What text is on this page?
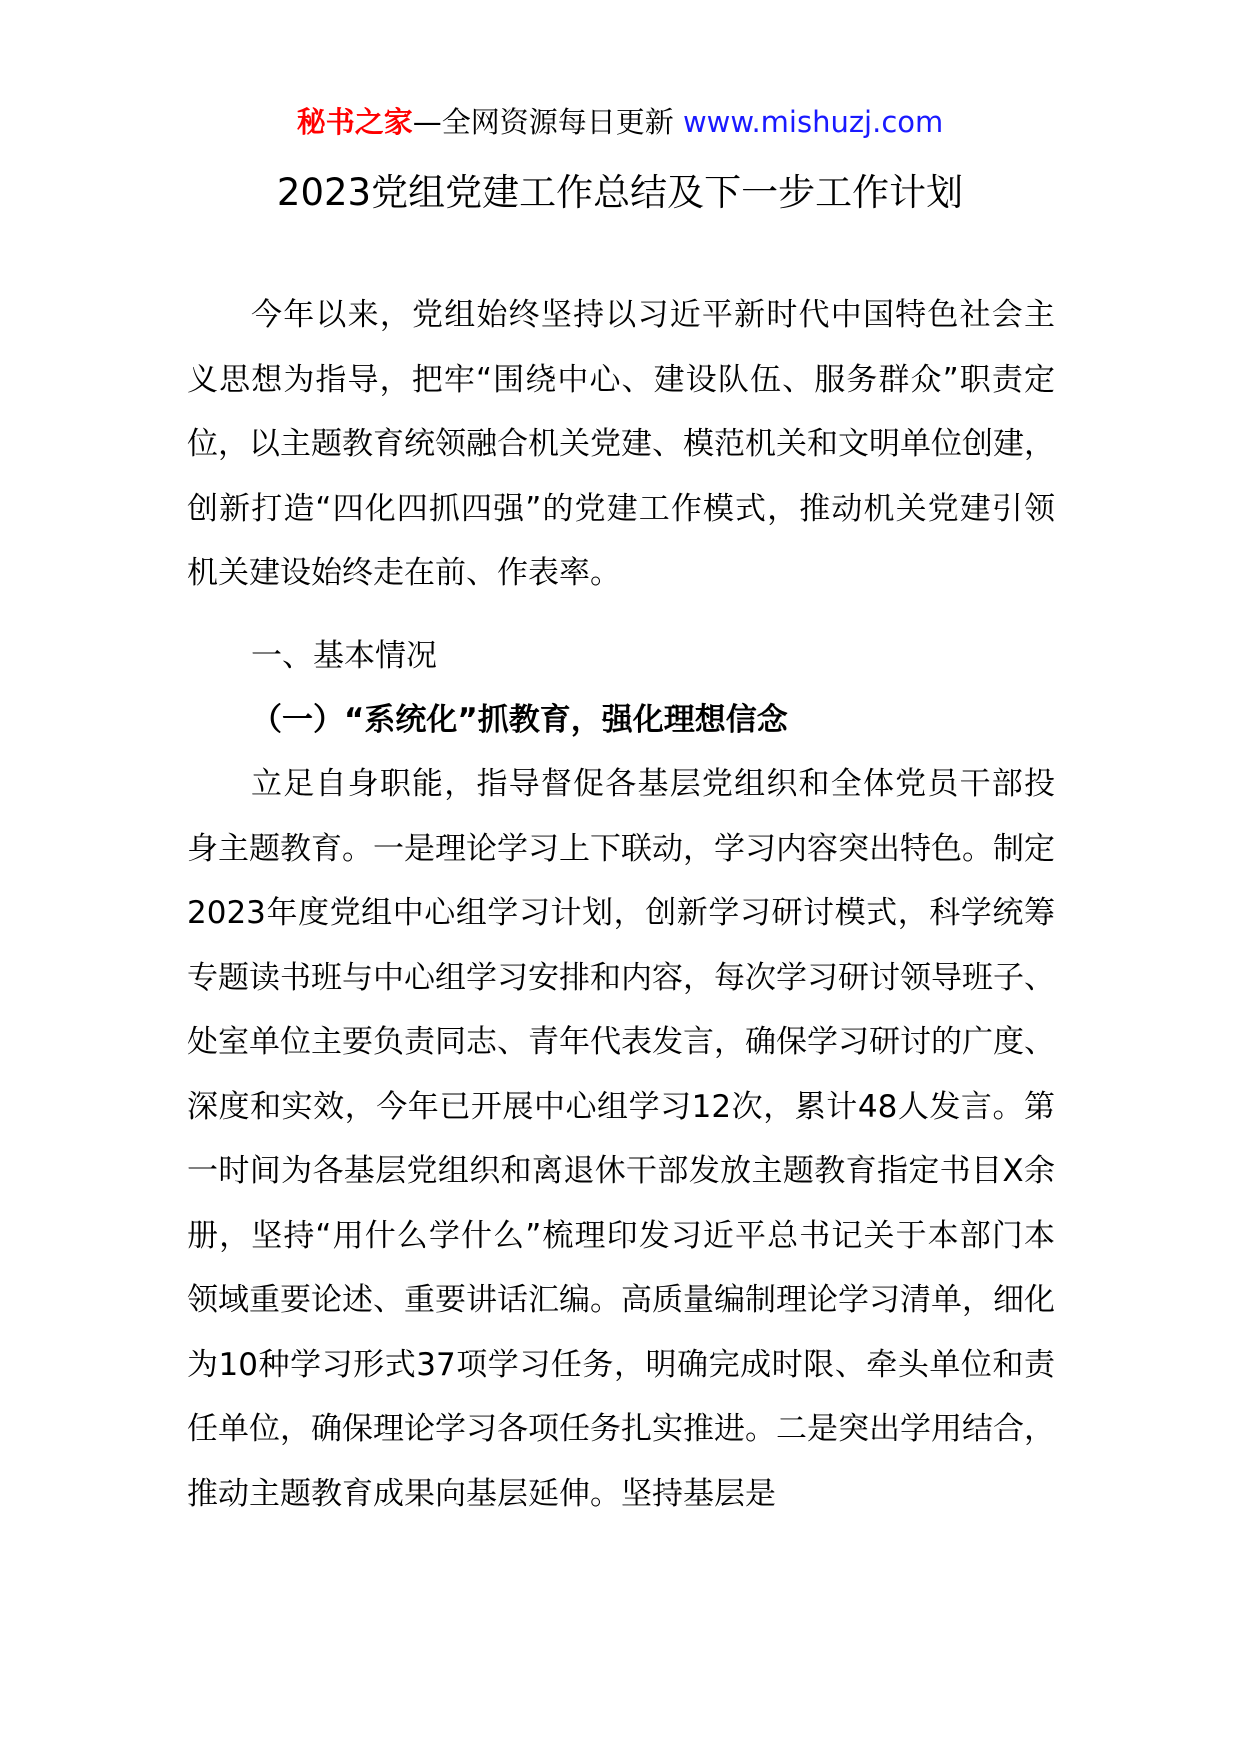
秘书之家—全网资源每日更新 www.mishuzj.com
2023党组党建工作总结及下一步工作计划

今年以来，党组始终坚持以习近平新时代中国特色社会主义思想为指导，把牢“围绕中心、建设队伍、服务群众”职责定位，以主题教育统领融合机关党建、模范机关和文明单位创建，创新打造“四化四抓四强”的党建工作模式，推动机关党建引领机关建设始终走在前、作表率。

一、基本情况

（一）“系统化”抓教育，强化理想信念

立足自身职能，指导督促各基层党组织和全体党员干部投身主题教育。一是理论学习上下联动，学习内容突出特色。制定2023年度党组中心组学习计划，创新学习研讨模式，科学统筹专题读书班与中心组学习安排和内容，每次学习研讨领导班子、处室单位主要负责同志、青年代表发言，确保学习研讨的广度、深度和实效，今年已开展中心组学习12次，累计48人发言。第一时间为各基层党组织和离退休干部发放主题教育指定书目X余册，坚持“用什么学什么”梳理印发习近平总书记关于本部门本领域重要论述、重要讲话汇编。高质量编制理论学习清单，细化为10种学习形式37项学习任务，明确完成时限、牵头单位和责任单位，确保理论学习各项任务扎实推进。二是突出学用结合，推动主题教育成果向基层延伸。坚持基层是
